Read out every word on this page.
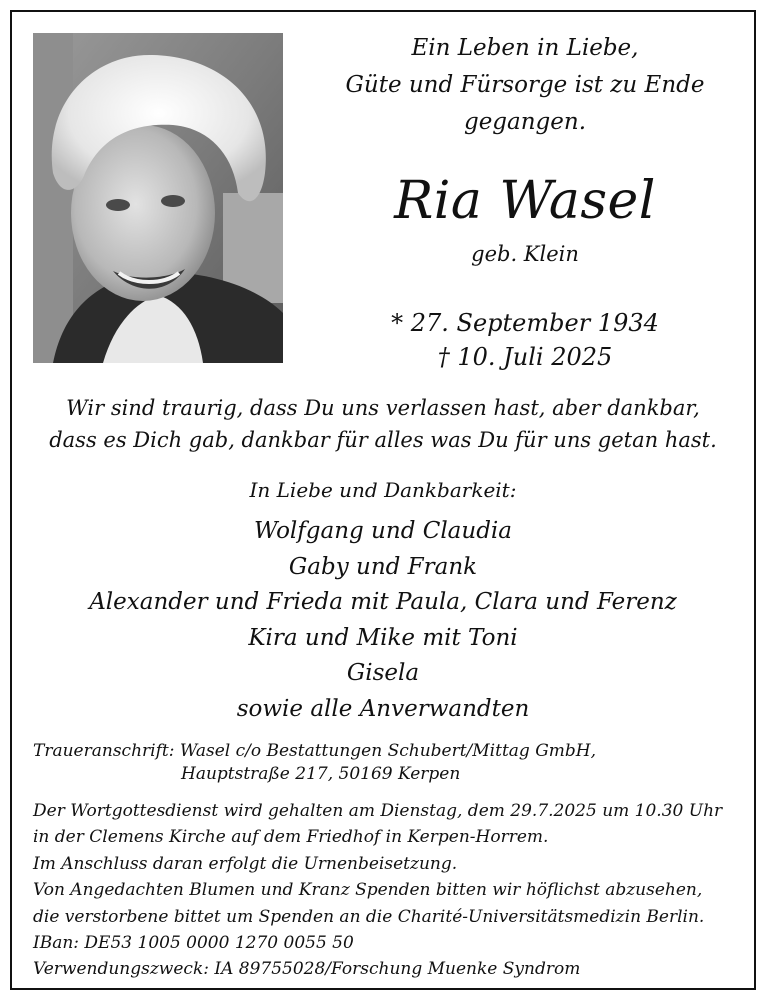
Ein Leben in Liebe,
Güte und Fürsorge ist zu Ende
gegangen.
Ria Wasel
geb. Klein
* 27. September 1934
† 10. Juli 2025
Wir sind traurig, dass Du uns verlassen hast, aber dankbar,
dass es Dich gab, dankbar für alles was Du für uns getan hast.
In Liebe und Dankbarkeit:
Wolfgang und Claudia
Gaby und Frank
Alexander und Frieda mit Paula, Clara und Ferenz
Kira und Mike mit Toni
Gisela
sowie alle Anverwandten
Traueranschrift: Wasel c/o Bestattungen Schubert/Mittag GmbH,
Hauptstraße 217, 50169 Kerpen
Der Wortgottesdienst wird gehalten am Dienstag, dem 29.7.2025 um 10.30 Uhr
in der Clemens Kirche auf dem Friedhof in Kerpen-Horrem.
Im Anschluss daran erfolgt die Urnenbeisetzung.
Von Angedachten Blumen und Kranz Spenden bitten wir höflichst abzusehen,
die verstorbene bittet um Spenden an die Charité-Universitätsmedizin Berlin.
IBan: DE53 1005 0000 1270 0055 50
Verwendungszweck: IA 89755028/Forschung Muenke Syndrom
